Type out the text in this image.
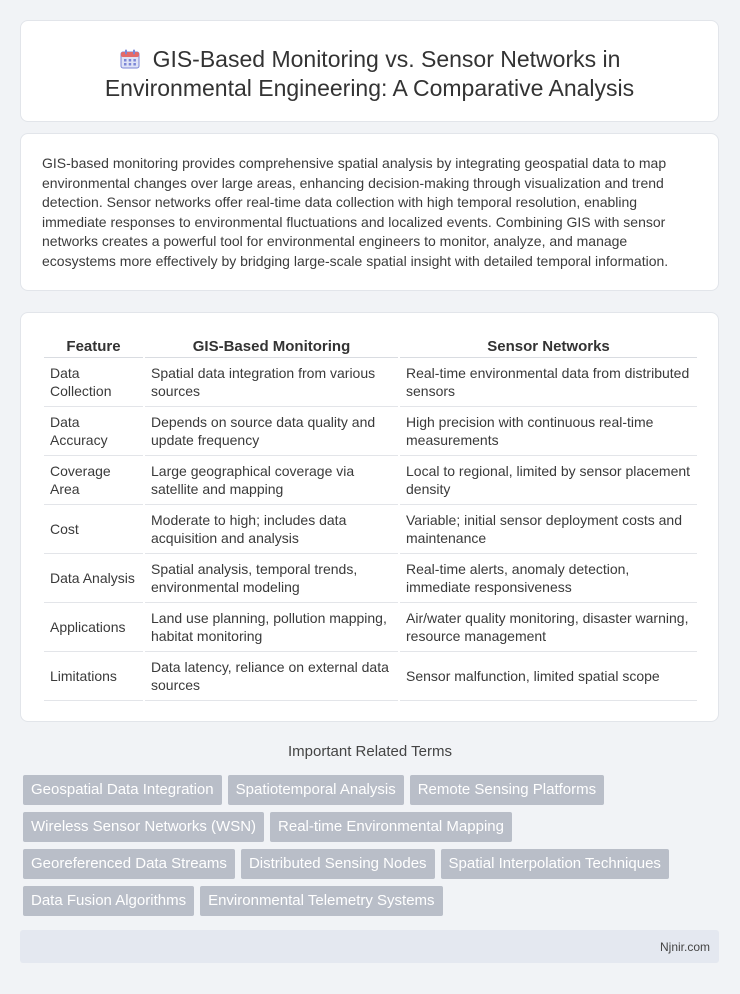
GIS-Based Monitoring vs. Sensor Networks in
Environmental Engineering: A Comparative Analysis

GIS-based monitoring provides comprehensive spatial analysis by integrating geospatial data to map environmental changes over large areas, enhancing decision-making through visualization and trend detection. Sensor networks offer real-time data collection with high temporal resolution, enabling immediate responses to environmental fluctuations and localized events. Combining GIS with sensor networks creates a powerful tool for environmental engineers to monitor, analyze, and manage ecosystems more effectively by bridging large-scale spatial insight with detailed temporal information.

Feature	GIS-Based Monitoring	Sensor Networks
Data Collection	Spatial data integration from various sources	Real-time environmental data from distributed sensors
Data Accuracy	Depends on source data quality and update frequency	High precision with continuous real-time measurements
Coverage Area	Large geographical coverage via satellite and mapping	Local to regional, limited by sensor placement density
Cost	Moderate to high; includes data acquisition and analysis	Variable; initial sensor deployment costs and maintenance
Data Analysis	Spatial analysis, temporal trends, environmental modeling	Real-time alerts, anomaly detection, immediate responsiveness
Applications	Land use planning, pollution mapping, habitat monitoring	Air/water quality monitoring, disaster warning, resource management
Limitations	Data latency, reliance on external data sources	Sensor malfunction, limited spatial scope
Important Related Terms
Geospatial Data Integration	Spatiotemporal Analysis	Remote Sensing Platforms
Wireless Sensor Networks (WSN)	Real-time Environmental Mapping
Georeferenced Data Streams	Distributed Sensing Nodes	Spatial Interpolation Techniques
Data Fusion Algorithms	Environmental Telemetry Systems
Njnir.com
